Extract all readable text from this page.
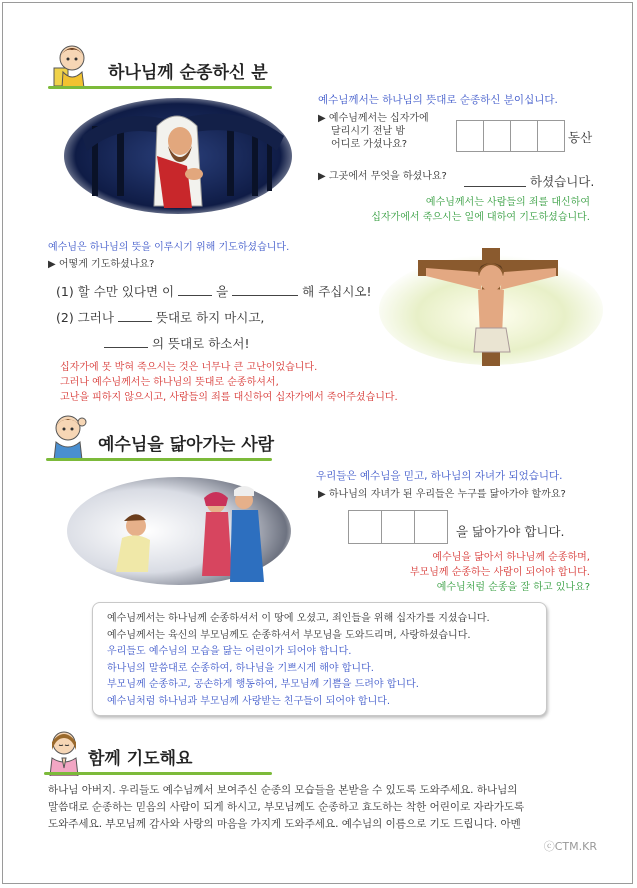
하나님께 순종하신 분
예수님께서는 하나님의 뜻대로 순종하신 분이십니다.
▶ 예수님께서는 십자가에
달리시기 전날 밤
어디로 가셨나요?	동산
▶ 그곳에서 무엇을 하셨나요?	하셨습니다.
예수님께서는 사람들의 죄를 대신하여
십자가에서 죽으시는 일에 대하여 기도하셨습니다.
예수님은 하나님의 뜻을 이루시기 위해 기도하셨습니다.
▶ 어떻게 기도하셨나요?
(1) 할 수만 있다면 이	을	해 주십시오!
(2) 그러나	뜻대로 하지 마시고,
의 뜻대로 하소서!
십자가에 못 박혀 죽으시는 것은 너무나 큰 고난이었습니다.
그러나 예수님께서는 하나님의 뜻대로 순종하셔서,
고난을 피하지 않으시고, 사람들의 죄를 대신하여 십자가에서 죽어주셨습니다.
예수님을 닮아가는 사람
우리들은 예수님을 믿고, 하나님의 자녀가 되었습니다.
▶ 하나님의 자녀가 된 우리들은 누구를 닮아가야 할까요?
을 닮아가야 합니다.
예수님을 닮아서 하나님께 순종하며,
부모님께 순종하는 사람이 되어야 합니다.
예수님처럼 순종을 잘 하고 있나요?
예수님께서는 하나님께 순종하셔서 이 땅에 오셨고, 죄인들을 위해 십자가를 지셨습니다.
예수님께서는 육신의 부모님께도 순종하셔서 부모님을 도와드리며, 사랑하셨습니다.
우리들도 예수님의 모습을 닮는 어린이가 되어야 합니다.
하나님의 말씀대로 순종하여, 하나님을 기쁘시게 해야 합니다.
부모님께 순종하고, 공손하게 행동하여, 부모님께 기쁨을 드려야 합니다.
예수님처럼 하나님과 부모님께 사랑받는 친구들이 되어야 합니다.
함께 기도해요
하나님 아버지. 우리들도 예수님께서 보여주신 순종의 모습들을 본받을 수 있도록 도와주세요. 하나님의
말씀대로 순종하는 믿음의 사람이 되게 하시고, 부모님께도 순종하고 효도하는 착한 어린이로 자라가도록
도와주세요. 부모님께 감사와 사랑의 마음을 가지게 도와주세요. 예수님의 이름으로 기도 드립니다. 아멘
ⓒCTM.KR
